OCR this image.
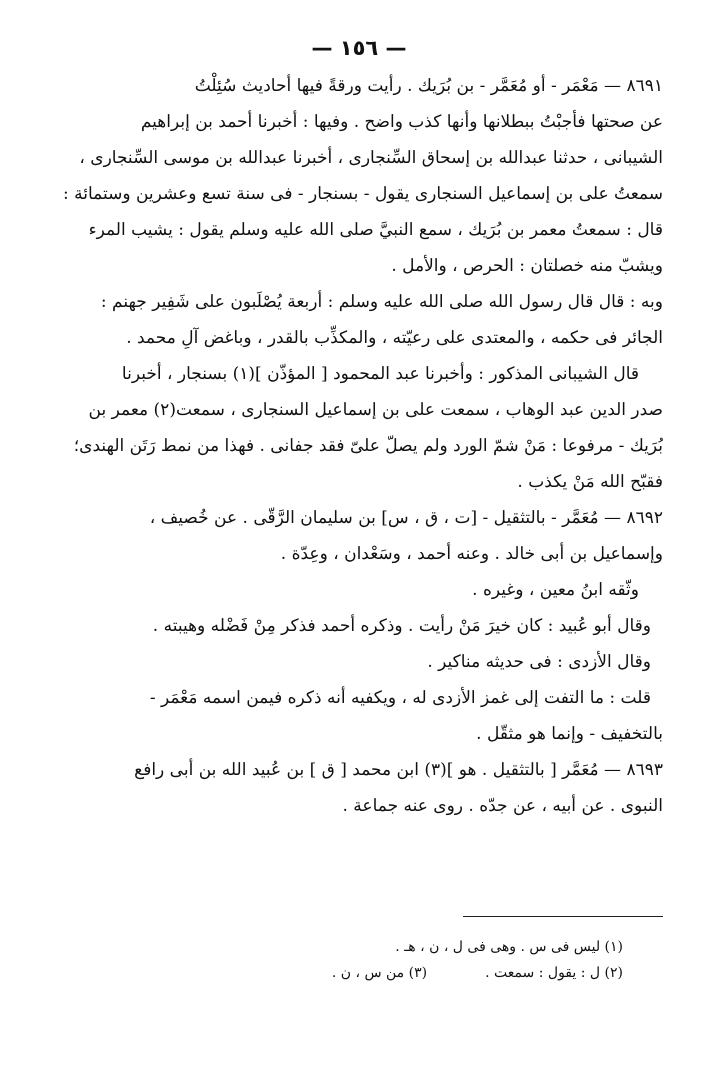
— ١٥٦ —
٨٦٩١ — مَعْمَر - أو مُعَمَّر - بن بُرَيك . رأيت ورقةً فيها أحاديث سُئِلْتُ
عن صحتها فأجبْتُ ببطلانها وأنها كذب واضح . وفيها : أخبرنا أحمد بن إبراهيم
الشيبانى ، حدثنا عبدالله بن إسحاق السِّنجارى ، أخبرنا عبدالله بن موسى السِّنجارى ،
سمعتُ على بن إسماعيل السنجارى يقول - بسنجار - فى سنة تسع وعشرين وستمائة :
قال : سمعتُ معمر بن بُرَيك ، سمع النبيَّ صلى الله عليه وسلم يقول : يشيب المرء
ويشبّ منه خصلتان : الحرص ، والأمل .
وبه : قال قال رسول الله صلى الله عليه وسلم : أربعة يُصْلَبون على شَفِير جهنم :
الجائر فى حكمه ، والمعتدى على رعيّته ، والمكذِّب بالقدر ، وباغض آلِ محمد .
قال الشيبانى المذكور : وأخبرنا عبد المحمود [ المؤذّن ](١) بسنجار ، أخبرنا
صدر الدين عبد الوهاب ، سمعت على بن إسماعيل السنجارى ، سمعت(٢) معمر بن
بُرَيك - مرفوعا : مَنْ شمّ الورد ولم يصلّ علىّ فقد جفانى . فهذا من نمط رَتَن الهندى؛
فقبّح الله مَنْ يكذب .
٨٦٩٢ — مُعَمَّر - بالتثقيل - [ت ، ق ، س] بن سليمان الرَّقّى . عن خُصيف ،
وإسماعيل بن أبى خالد . وعنه أحمد ، وسَعْدان ، وعِدّة .
وثّقه ابنُ معين ، وغيره .
وقال أبو عُبيد : كان خيرَ مَنْ رأيت . وذكره أحمد فذكر مِنْ فَضْله وهيبته .
وقال الأزدى : فى حديثه مناكير .
قلت : ما التفت إلى غمز الأزدى له ، ويكفيه أنه ذكره فيمن اسمه مَعْمَر -
بالتخفيف - وإنما هو مثقّل .
٨٦٩٣ — مُعَمَّر [ بالتثقيل . هو ](٣) ابن محمد [ ق ] بن عُبيد الله بن أبى رافع
النبوى . عن أبيه ، عن جدّه . روى عنه جماعة .
(١) ليس فى س . وهى فى ل ، ن ، هـ .
(٢) ل : يقول : سمعت .
(٣) من س ، ن .
